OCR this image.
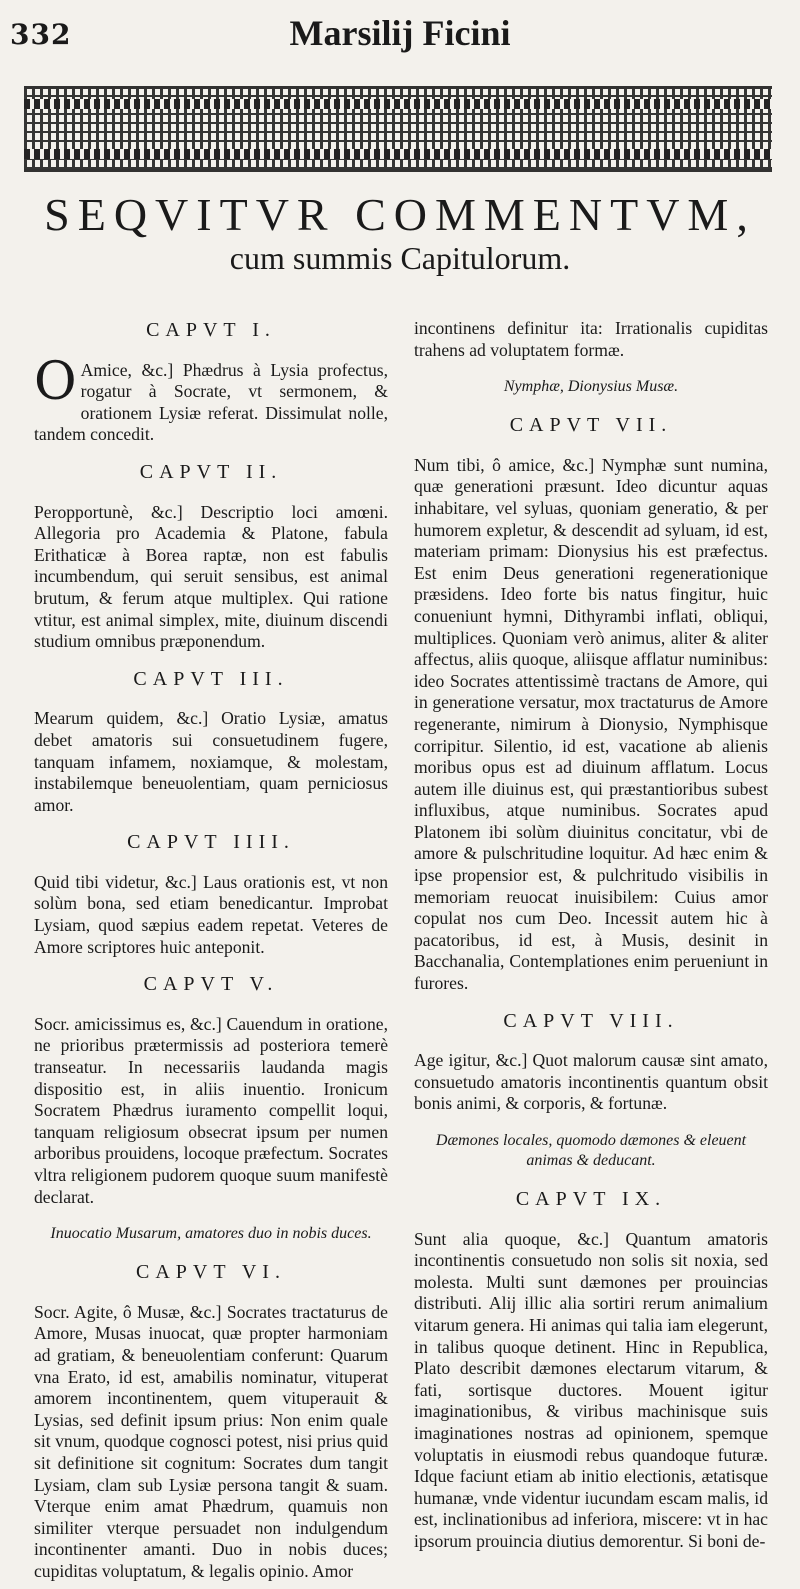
332	Marsilij Ficini
SEQVITVR COMMENTVM,
cum summis Capitulorum.
CAPVT I.

O Amice, &c.] Phædrus à Lysia profectus, rogatur à Socrate, vt sermonem, & orationem Lysiæ referat. Dissimulat nolle, tandem concedit.

CAPVT II.

Peropportunè, &c.] Descriptio loci amœni. Allegoria pro Academia & Platone, fabula Erithaticæ à Borea raptæ, non est fabulis incumbendum, qui seruit sensibus, est animal brutum, & ferum atque multiplex. Qui ratione vtitur, est animal simplex, mite, diuinum discendi studium omnibus præponendum.

CAPVT III.

Mearum quidem, &c.] Oratio Lysiæ, amatus debet amatoris sui consuetudinem fugere, tanquam infamem, noxiamque, & molestam, instabilemque beneuolentiam, quam perniciosus amor.

CAPVT IIII.

Quid tibi videtur, &c.] Laus orationis est, vt non solùm bona, sed etiam benedicantur. Improbat Lysiam, quod sæpius eadem repetat. Veteres de Amore scriptores huic anteponit.

CAPVT V.

Socr. amicissimus es, &c.] Cauendum in oratione, ne prioribus prætermissis ad posteriora temerè transeatur. In necessariis laudanda magis dispositio est, in aliis inuentio. Ironicum Socratem Phædrus iuramento compellit loqui, tanquam religiosum obsecrat ipsum per numen arboribus prouidens, locoque præfectum. Socrates vltra religionem pudorem quoque suum manifestè declarat.

Inuocatio Musarum, amatores duo in nobis duces.
CAPVT VI.

Socr. Agite, ô Musæ, &c.] Socrates tractaturus de Amore, Musas inuocat, quæ propter harmoniam ad gratiam, & beneuolentiam conferunt: Quarum vna Erato, id est, amabilis nominatur, vituperat amorem incontinentem, quem vituperauit & Lysias, sed definit ipsum prius: Non enim quale sit vnum, quodque cognosci potest, nisi prius quid sit definitione sit cognitum: Socrates dum tangit Lysiam, clam sub Lysiæ persona tangit & suam. Vterque enim amat Phædrum, quamuis non similiter vterque persuadet non indulgendum incontinenter amanti. Duo in nobis duces; cupiditas voluptatum, & legalis opinio. Amor

incontinens definitur ita: Irrationalis cupiditas trahens ad voluptatem formæ.

Nymphæ, Dionysius Musæ.
CAPVT VII.

Num tibi, ô amice, &c.] Nymphæ sunt numina, quæ generationi præsunt. Ideo dicuntur aquas inhabitare, vel syluas, quoniam generatio, & per humorem expletur, & descendit ad syluam, id est, materiam primam: Dionysius his est præfectus. Est enim Deus generationi regenerationique præsidens. Ideo forte bis natus fingitur, huic conueniunt hymni, Dithyrambi inflati, obliqui, multiplices. Quoniam verò animus, aliter & aliter affectus, aliis quoque, aliisque afflatur numinibus: ideo Socrates attentissimè tractans de Amore, qui in generatione versatur, mox tractaturus de Amore regenerante, nimirum à Dionysio, Nymphisque corripitur. Silentio, id est, vacatione ab alienis moribus opus est ad diuinum afflatum. Locus autem ille diuinus est, qui præstantioribus subest influxibus, atque numinibus. Socrates apud Platonem ibi solùm diuinitus concitatur, vbi de amore & pulschritudine loquitur. Ad hæc enim & ipse propensior est, & pulchritudo visibilis in memoriam reuocat inuisibilem: Cuius amor copulat nos cum Deo. Incessit autem hic à pacatoribus, id est, à Musis, desinit in Bacchanalia, Contemplationes enim perueniunt in furores.

CAPVT VIII.

Age igitur, &c.] Quot malorum causæ sint amato, consuetudo amatoris incontinentis quantum obsit bonis animi, & corporis, & fortunæ.

Dæmones locales, quomodo dæmones & eleuent animas & deducant.
CAPVT IX.

Sunt alia quoque, &c.] Quantum amatoris incontinentis consuetudo non solis sit noxia, sed molesta. Multi sunt dæmones per prouincias distributi. Alij illic alia sortiri rerum animalium vitarum genera. Hi animas qui talia iam elegerunt, in talibus quoque detinent. Hinc in Republica, Plato describit dæmones electarum vitarum, & fati, sortisque ductores. Mouent igitur imaginationibus, & viribus machinisque suis imaginationes nostras ad opinionem, spemque voluptatis in eiusmodi rebus quandoque futuræ. Idque faciunt etiam ab initio electionis, ætatisque humanæ, vnde videntur iucundam escam malis, id est, inclinationibus ad inferiora, miscere: vt in hac ipsorum prouincia diutius demorentur. Si boni de-
